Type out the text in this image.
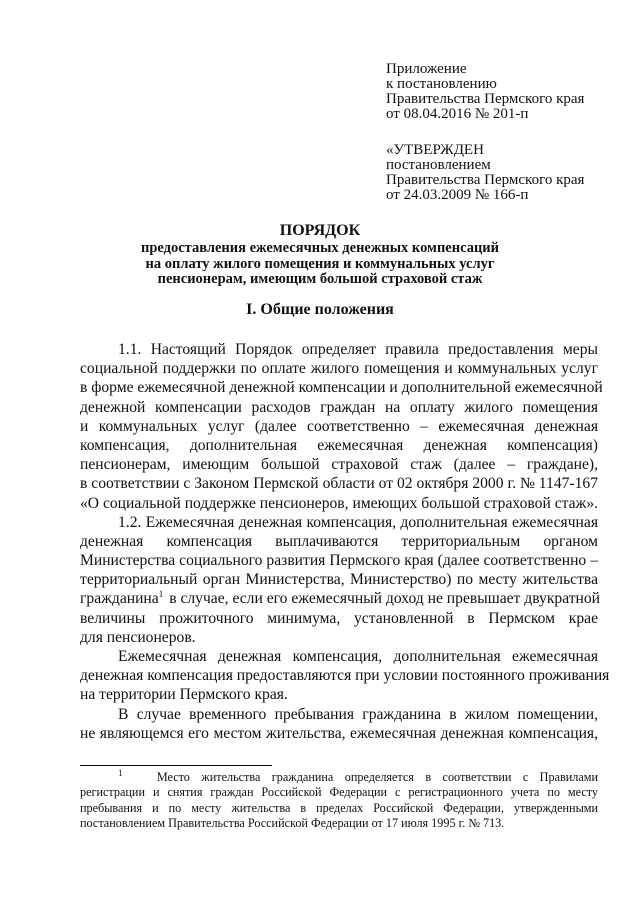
Приложение
к постановлению
Правительства Пермского края
от 08.04.2016 № 201-п
«УТВЕРЖДЕН
постановлением
Правительства Пермского края
от 24.03.2009 № 166-п
ПОРЯДОК
предоставления ежемесячных денежных компенсаций
на оплату жилого помещения и коммунальных услуг
пенсионерам, имеющим большой страховой стаж
I. Общие положения
1.1. Настоящий Порядок определяет правила предоставления меры
социальной поддержки по оплате жилого помещения и коммунальных услуг
в форме ежемесячной денежной компенсации и дополнительной ежемесячной
денежной компенсации расходов граждан на оплату жилого помещения
и коммунальных услуг (далее соответственно – ежемесячная денежная
компенсация, дополнительная ежемесячная денежная компенсация)
пенсионерам, имеющим большой страховой стаж (далее – граждане),
в соответствии с Законом Пермской области от 02 октября 2000 г. № 1147-167
«О социальной поддержке пенсионеров, имеющих большой страховой стаж».
1.2. Ежемесячная денежная компенсация, дополнительная ежемесячная
денежная компенсация выплачиваются территориальным органом
Министерства социального развития Пермского края (далее соответственно –
территориальный орган Министерства, Министерство) по месту жительства
гражданина$^1$ в случае, если его ежемесячный доход не превышает двукратной
величины прожиточного минимума, установленной в Пермском крае
для пенсионеров.
Ежемесячная денежная компенсация, дополнительная ежемесячная
денежная компенсация предоставляются при условии постоянного проживания
на территории Пермского края.
В случае временного пребывания гражданина в жилом помещении,
не являющемся его местом жительства, ежемесячная денежная компенсация,
$^1$	Место жительства гражданина определяется в соответствии с Правилами
регистрации и снятия граждан Российской Федерации с регистрационного учета по месту
пребывания и по месту жительства в пределах Российской Федерации, утвержденными
постановлением Правительства Российской Федерации от 17 июля 1995 г. № 713.
